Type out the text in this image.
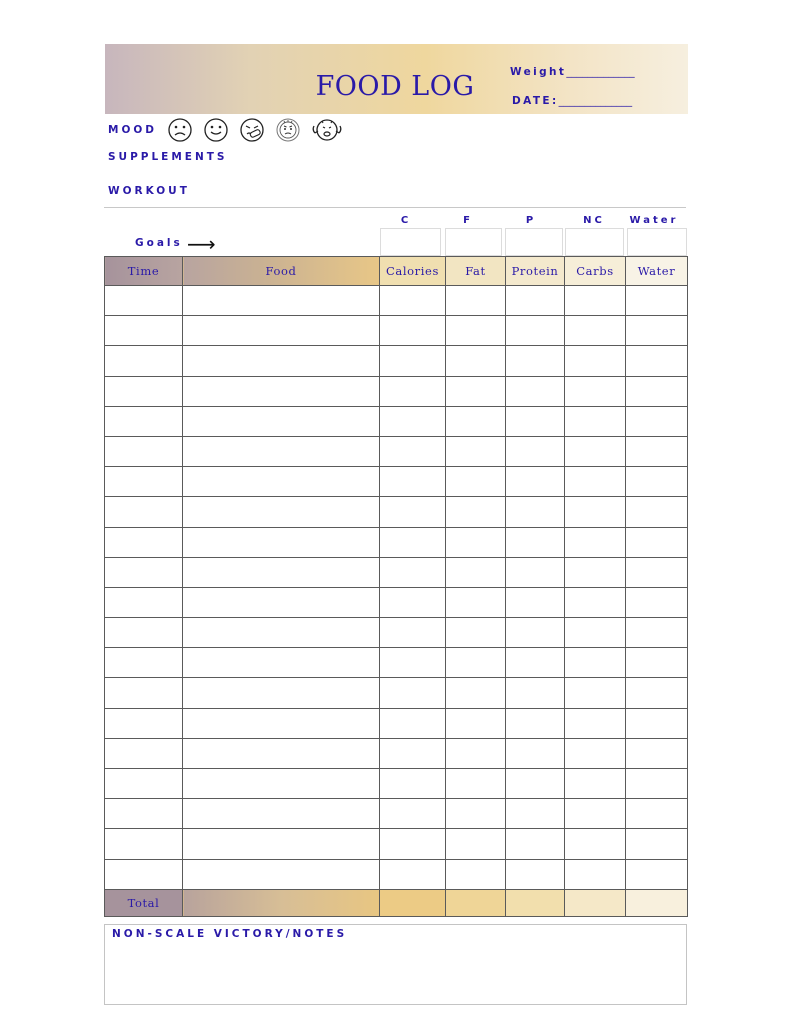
FOOD LOG	Weight_____________
DATE:______________
MOOD
SUPPLEMENTS
WORKOUT
C	F	P	NC	Water
Goals ⟶
Time	Food	Calories	Fat	Protein	Carbs	Water

Total						
NON-SCALE VICTORY/NOTES
